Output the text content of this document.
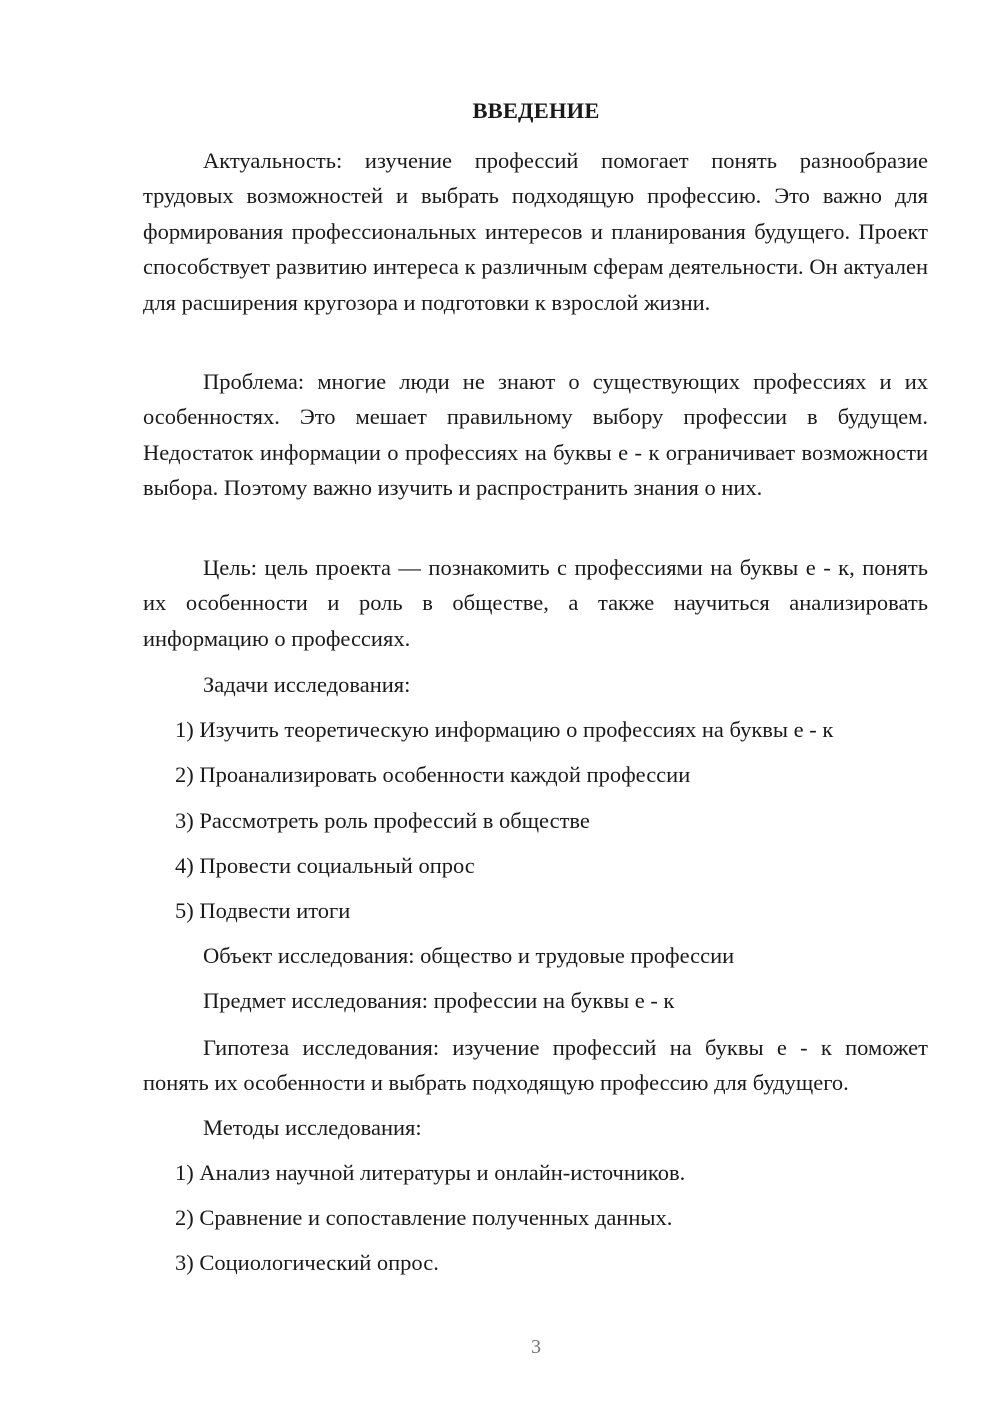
ВВЕДЕНИЕ

Актуальность: изучение профессий помогает понять разнообразие трудовых возможностей и выбрать подходящую профессию. Это важно для формирования профессиональных интересов и планирования будущего. Проект способствует развитию интереса к различным сферам деятельности. Он актуален для расширения кругозора и подготовки к взрослой жизни.

Проблема: многие люди не знают о существующих профессиях и их особенностях. Это мешает правильному выбору профессии в будущем. Недостаток информации о профессиях на буквы е - к ограничивает возможности выбора. Поэтому важно изучить и распространить знания о них.

Цель: цель проекта — познакомить с профессиями на буквы е - к, понять их особенности и роль в обществе, а также научиться анализировать информацию о профессиях.

Задачи исследования:

1) Изучить теоретическую информацию о профессиях на буквы е - к

2) Проанализировать особенности каждой профессии

3) Рассмотреть роль профессий в обществе

4) Провести социальный опрос

5) Подвести итоги

Объект исследования: общество и трудовые профессии

Предмет исследования: профессии на буквы е - к

Гипотеза исследования: изучение профессий на буквы е - к поможет понять их особенности и выбрать подходящую профессию для будущего.

Методы исследования:

1) Анализ научной литературы и онлайн-источников.

2) Сравнение и сопоставление полученных данных.

3) Социологический опрос.

3
